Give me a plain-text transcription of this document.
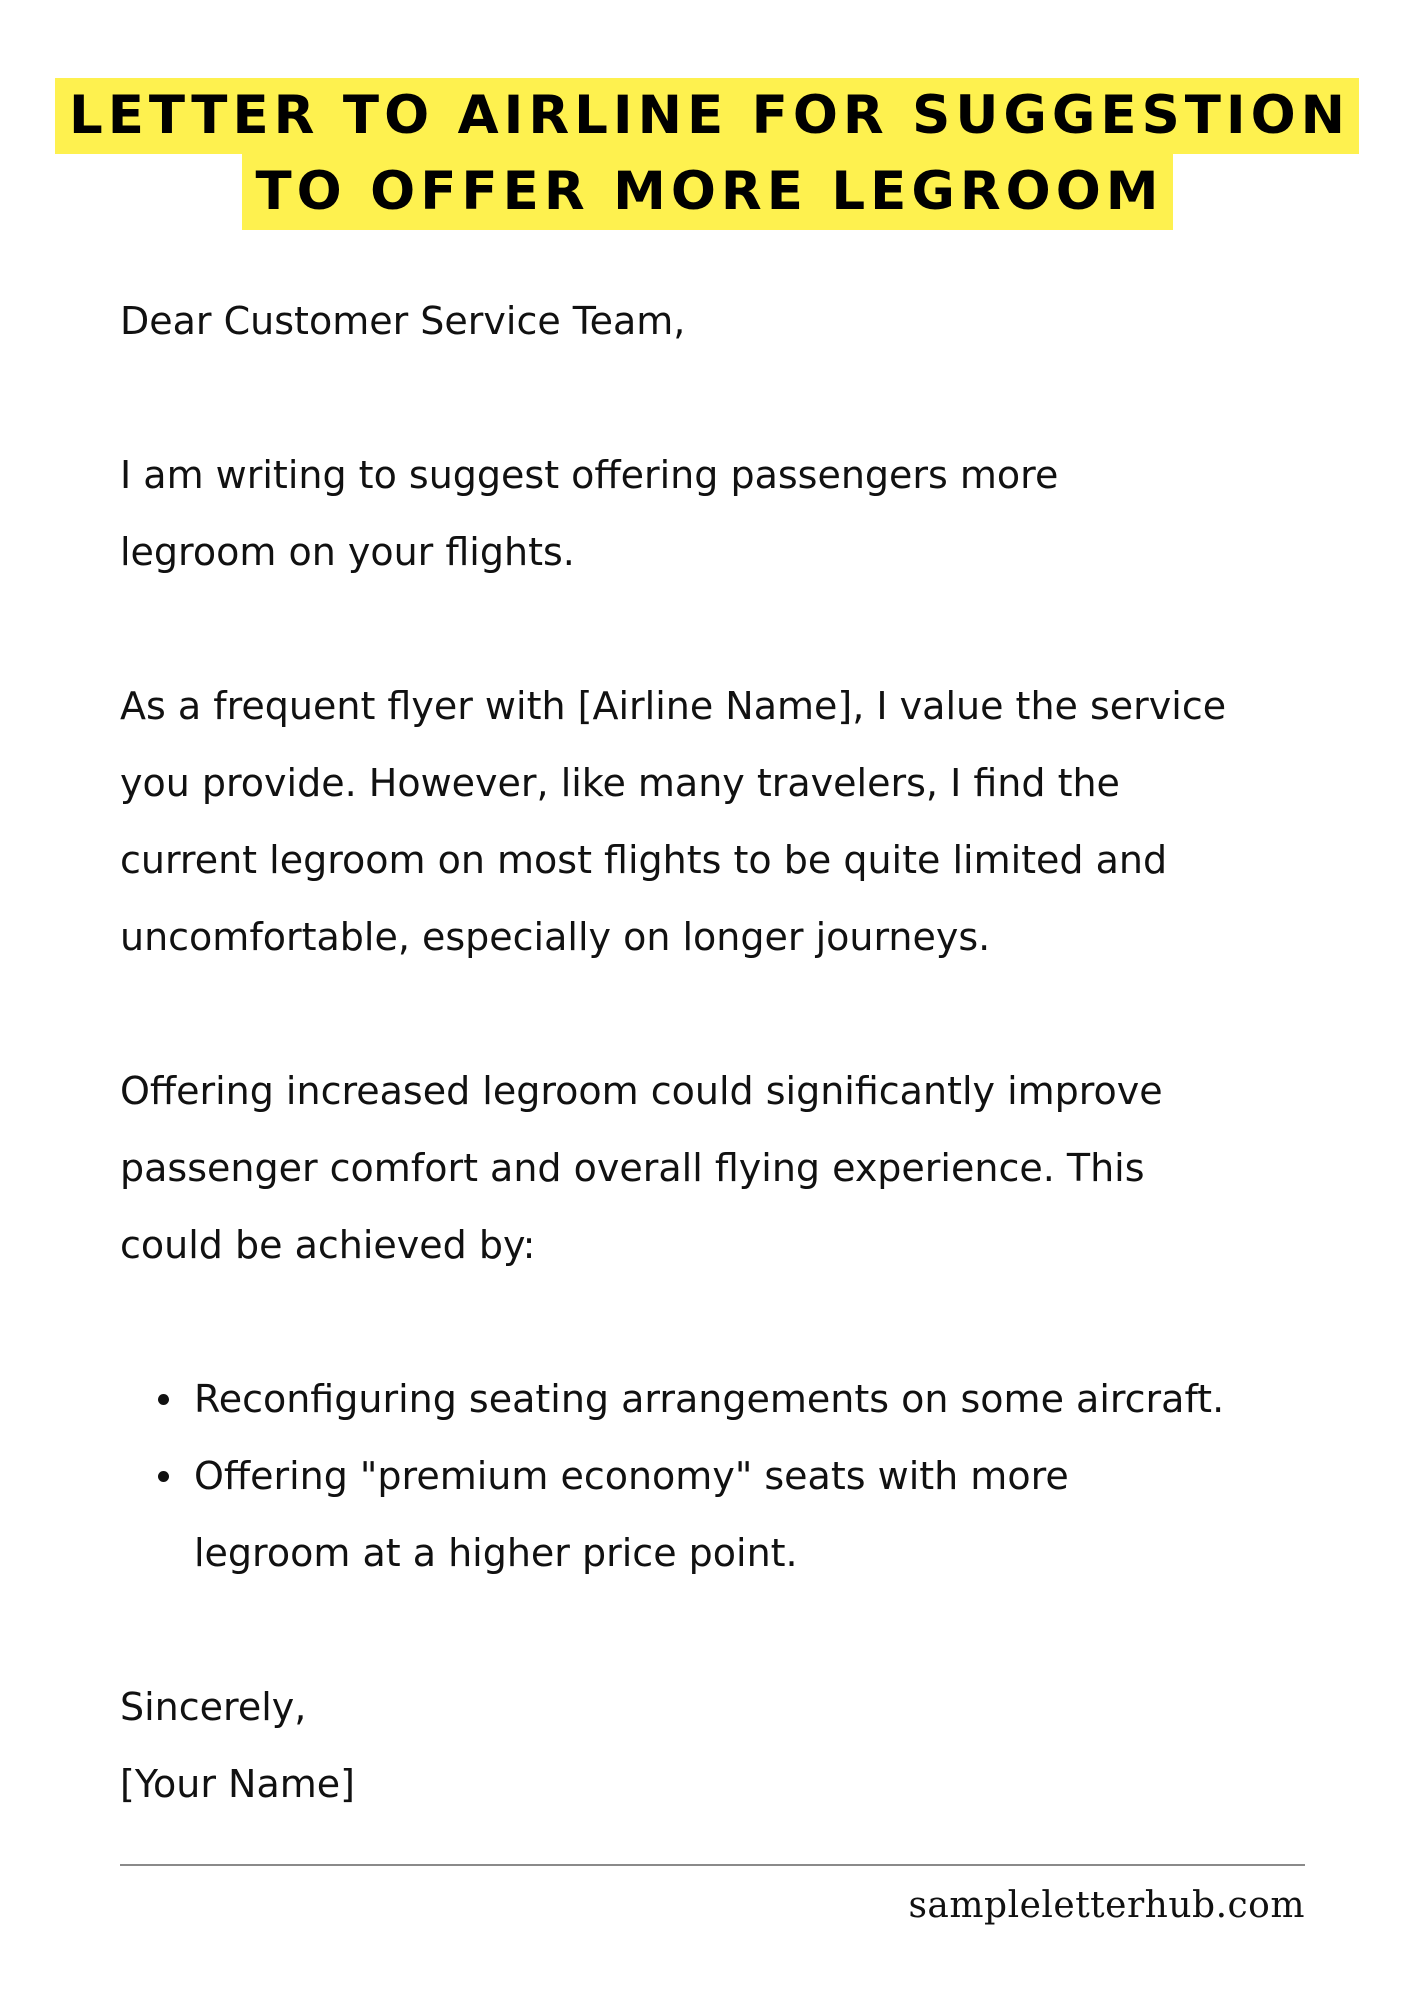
LETTER TO AIRLINE FOR SUGGESTION
TO OFFER MORE LEGROOM

Dear Customer Service Team,

I am writing to suggest offering passengers more

legroom on your flights.

As a frequent flyer with [Airline Name], I value the service

you provide. However, like many travelers, I find the

current legroom on most flights to be quite limited and

uncomfortable, especially on longer journeys.

Offering increased legroom could significantly improve

passenger comfort and overall flying experience. This

could be achieved by:

Reconfiguring seating arrangements on some aircraft.

Offering "premium economy" seats with more

legroom at a higher price point.

Sincerely,

[Your Name]

sampleletterhub.com
